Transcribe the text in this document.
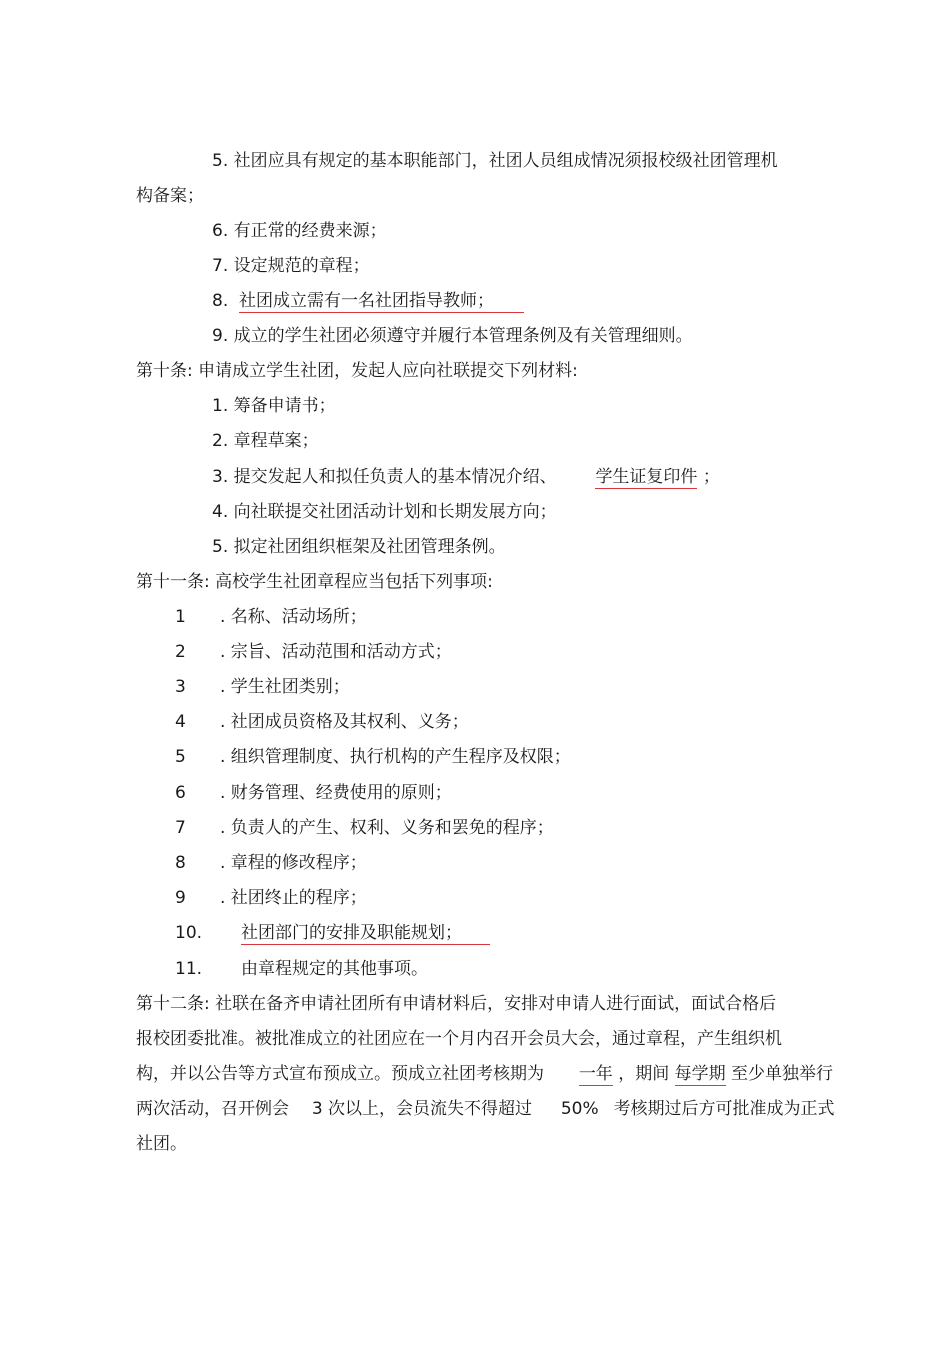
5. 社团应具有规定的基本职能部门，社团人员组成情况须报校级社团管理机
构备案；
6. 有正常的经费来源；
7. 设定规范的章程；
8. 社团成立需有一名社团指导教师；
9. 成立的学生社团必须遵守并履行本管理条例及有关管理细则。
第十条: 申请成立学生社团，发起人应向社联提交下列材料:
1. 筹备申请书；
2. 章程草案；
3. 提交发起人和拟任负责人的基本情况介绍、 学生证复印件 ；
4. 向社联提交社团活动计划和长期发展方向；
5. 拟定社团组织框架及社团管理条例。
第十一条: 高校学生社团章程应当包括下列事项:
1 . 名称、活动场所；
2 . 宗旨、活动范围和活动方式；
3 . 学生社团类别；
4 . 社团成员资格及其权利、义务；
5 . 组织管理制度、执行机构的产生程序及权限；
6 . 财务管理、经费使用的原则；
7 . 负责人的产生、权利、义务和罢免的程序；
8 . 章程的修改程序；
9 . 社团终止的程序；
10. 社团部门的安排及职能规划；
11. 由章程规定的其他事项。
第十二条: 社联在备齐申请社团所有申请材料后，安排对申请人进行面试，面试合格后
报校团委批准。被批准成立的社团应在一个月内召开会员大会，通过章程，产生组织机
构，并以公告等方式宣布预成立。预成立社团考核期为 一年 ，期间 每学期 至少单独举行
两次活动，召开例会 3 次以上，会员流失不得超过 50% 考核期过后方可批准成为正式
社团。
